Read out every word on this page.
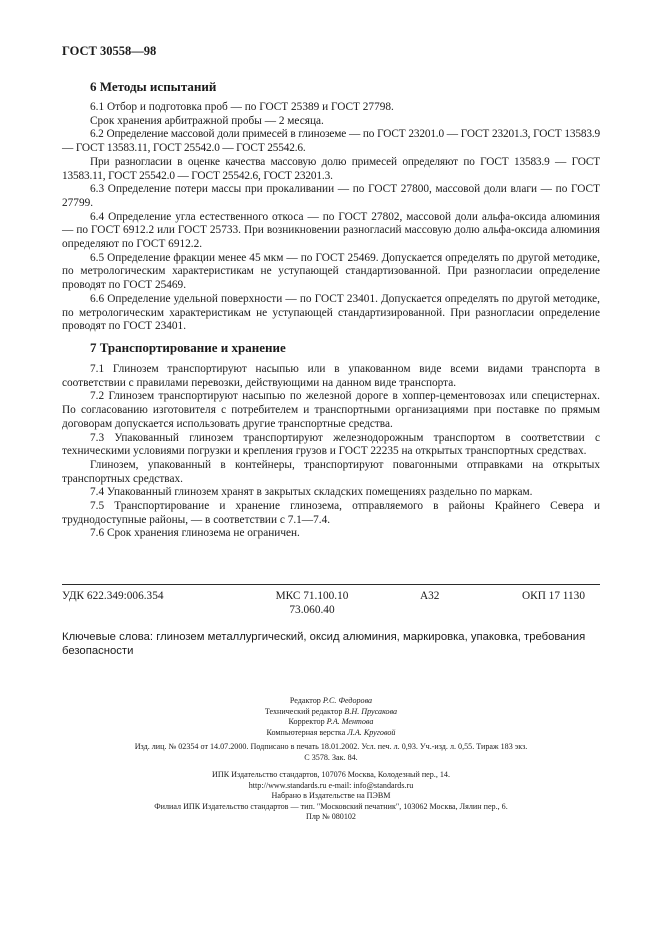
ГОСТ 30558—98
6 Методы испытаний

6.1 Отбор и подготовка проб — по ГОСТ 25389 и ГОСТ 27798.

Срок хранения арбитражной пробы — 2 месяца.

6.2 Определение массовой доли примесей в глиноземе — по ГОСТ 23201.0 — ГОСТ 23201.3, ГОСТ 13583.9 — ГОСТ 13583.11, ГОСТ 25542.0 — ГОСТ 25542.6.

При разногласии в оценке качества массовую долю примесей определяют по ГОСТ 13583.9 — ГОСТ 13583.11, ГОСТ 25542.0 — ГОСТ 25542.6, ГОСТ 23201.3.

6.3 Определение потери массы при прокаливании — по ГОСТ 27800, массовой доли влаги — по ГОСТ 27799.

6.4 Определение угла естественного откоса — по ГОСТ 27802, массовой доли альфа-оксида алюминия — по ГОСТ 6912.2 или ГОСТ 25733. При возникновении разногласий массовую долю альфа-оксида алюминия определяют по ГОСТ 6912.2.

6.5 Определение фракции менее 45 мкм — по ГОСТ 25469. Допускается определять по другой методике, по метрологическим характеристикам не уступающей стандартизованной. При разногласии определение проводят по ГОСТ 25469.

6.6 Определение удельной поверхности — по ГОСТ 23401. Допускается определять по другой методике, по метрологическим характеристикам не уступающей стандартизированной. При разногласии определение проводят по ГОСТ 23401.

7 Транспортирование и хранение

7.1 Глинозем транспортируют насыпью или в упакованном виде всеми видами транспорта в соответствии с правилами перевозки, действующими на данном виде транспорта.

7.2 Глинозем транспортируют насыпью по железной дороге в хоппер-цементовозах или специстернах. По согласованию изготовителя с потребителем и транспортными организациями при поставке по прямым договорам допускается использовать другие транспортные средства.

7.3 Упакованный глинозем транспортируют железнодорожным транспортом в соответствии с техническими условиями погрузки и крепления грузов и ГОСТ 22235 на открытых транспортных средствах.

Глинозем, упакованный в контейнеры, транспортируют повагонными отправками на открытых транспортных средствах.

7.4 Упакованный глинозем хранят в закрытых складских помещениях раздельно по маркам.

7.5 Транспортирование и хранение глинозема, отправляемого в районы Крайнего Севера и труднодоступные районы, — в соответствии с 7.1—7.4.

7.6 Срок хранения глинозема не ограничен.

УДК 622.349:006.354	МКС 71.100.10
73.060.40
А32	ОКП 17 1130
Ключевые слова: глинозем металлургический, оксид алюминия, маркировка, упаковка, требования безопасности
Редактор Р.С. Федорова
Технический редактор В.Н. Прусакова
Корректор Р.А. Ментова
Компьютерная верстка Л.А. Круговой
Изд. лиц. № 02354 от 14.07.2000. Подписано в печать 18.01.2002. Усл. печ. л. 0,93. Уч.-изд. л. 0,55. Тираж 183 экз.
С 3578. Зак. 84.
ИПК Издательство стандартов, 107076 Москва, Колодезный пер., 14.
http://www.standards.ru e-mail: info@standards.ru
Набрано в Издательстве на ПЭВМ
Филиал ИПК Издательство стандартов — тип. "Московский печатник", 103062 Москва, Лялин пер., 6.
Плр № 080102
